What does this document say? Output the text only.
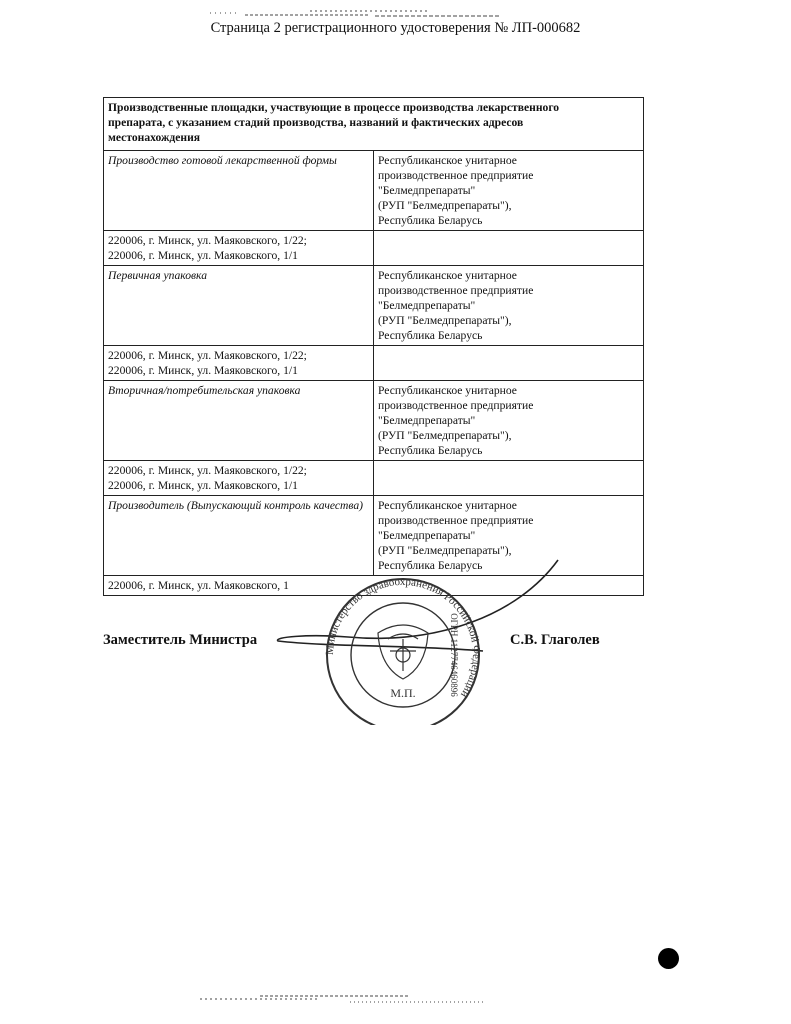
Страница 2 регистрационного удостоверения № ЛП-000682
Производственные площадки, участвующие в процессе производства лекарственного
препарата, с указанием стадий производства, названий и фактических адресов
местонахождения	

Производство готовой лекарственной формы	Республиканское унитарное
производственное предприятие
"Белмедпрепараты"
(РУП "Белмедпрепараты"),
Республика Беларусь

220006, г. Минск, ул. Маяковского, 1/22;
220006, г. Минск, ул. Маяковского, 1/1	

Первичная упаковка	Республиканское унитарное
производственное предприятие
"Белмедпрепараты"
(РУП "Белмедпрепараты"),
Республика Беларусь

220006, г. Минск, ул. Маяковского, 1/22;
220006, г. Минск, ул. Маяковского, 1/1	

Вторичная/потребительская упаковка	Республиканское унитарное
производственное предприятие
"Белмедпрепараты"
(РУП "Белмедпрепараты"),
Республика Беларусь

220006, г. Минск, ул. Маяковского, 1/22;
220006, г. Минск, ул. Маяковского, 1/1	

Производитель (Выпускающий контроль качества)	Республиканское унитарное
производственное предприятие
"Белмедпрепараты"
(РУП "Белмедпрепараты"),
Республика Беларусь

220006, г. Минск, ул. Маяковского, 1	
Заместитель Министра	С.В. Глаголев
Министерство здравоохранения Российской Федерации
М.П.	ОГРН 1127746460896
